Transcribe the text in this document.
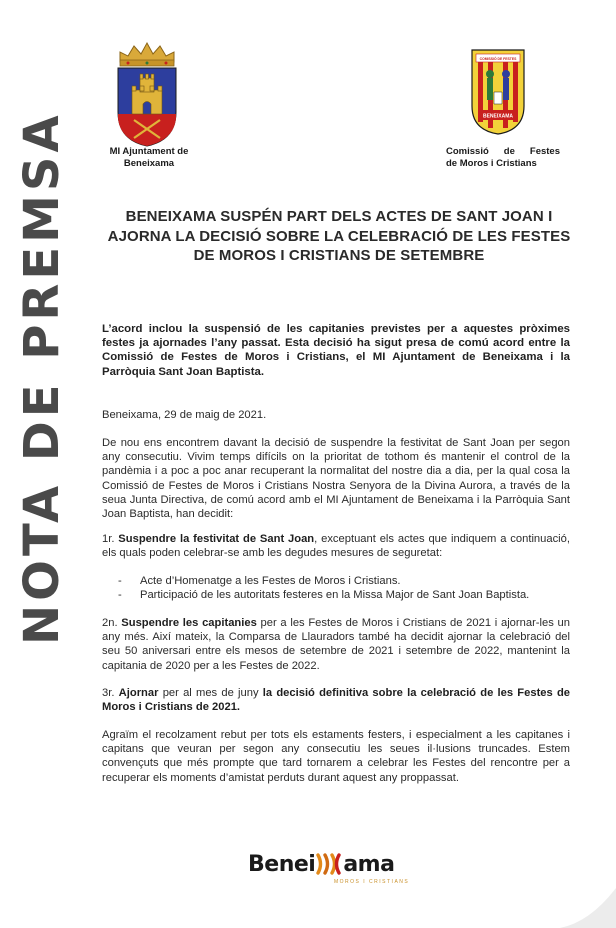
NOTA DE PREMSA	MI Ajuntament de
Beneixama
COMISSIÓ DE FESTES
BENEIXAMA
Comissió de Festes
de Moros i Cristians
BENEIXAMA SUSPÉN PART DELS ACTES DE SANT JOAN I AJORNA LA DECISIÓ SOBRE LA CELEBRACIÓ DE LES FESTES DE MOROS I CRISTIANS DE SETEMBRE
L’acord inclou la suspensió de les capitanies previstes per a aquestes pròximes festes ja ajornades l’any passat. Esta decisió ha sigut presa de comú acord entre la Comissió de Festes de Moros i Cristians, el MI Ajuntament de Beneixama i la Parròquia Sant Joan Baptista.
Beneixama, 29 de maig de 2021.
De nou ens encontrem davant la decisió de suspendre la festivitat de Sant Joan per segon any consecutiu. Vivim temps difícils on la prioritat de tothom és mantenir el control de la pandèmia i a poc a poc anar recuperant la normalitat del nostre dia a dia, per la qual cosa la Comissió de Festes de Moros i Cristians Nostra Senyora de la Divina Aurora, a través de la seua Junta Directiva, de comú acord amb el MI Ajuntament de Beneixama i la Parròquia Sant Joan Baptista, han decidit:
1r. Suspendre la festivitat de Sant Joan, exceptuant els actes que indiquem a continuació, els quals poden celebrar-se amb les degudes mesures de seguretat:
- Acte d’Homenatge a les Festes de Moros i Cristians.
- Participació de les autoritats festeres en la Missa Major de Sant Joan Baptista.
2n. Suspendre les capitanies per a les Festes de Moros i Cristians de 2021 i ajornar-les un any més. Així mateix, la Comparsa de Llauradors també ha decidit ajornar la celebració del seu 50 aniversari entre els mesos de setembre de 2021 i setembre de 2022, mantenint la capitania de 2020 per a les Festes de 2022.
3r. Ajornar per al mes de juny la decisió definitiva sobre la celebració de les Festes de Moros i Cristians de 2021.
Agraïm el recolzament rebut per tots els estaments festers, i especialment a les capitanes i capitans que veuran per segon any consecutiu les seues il·lusions truncades. Estem convençuts que més prompte que tard tornarem a celebrar les Festes del rencontre per a recuperar els moments d’amistat perduts durant aquest any proppassat.
Benei ama
MOROS I CRISTIANS
